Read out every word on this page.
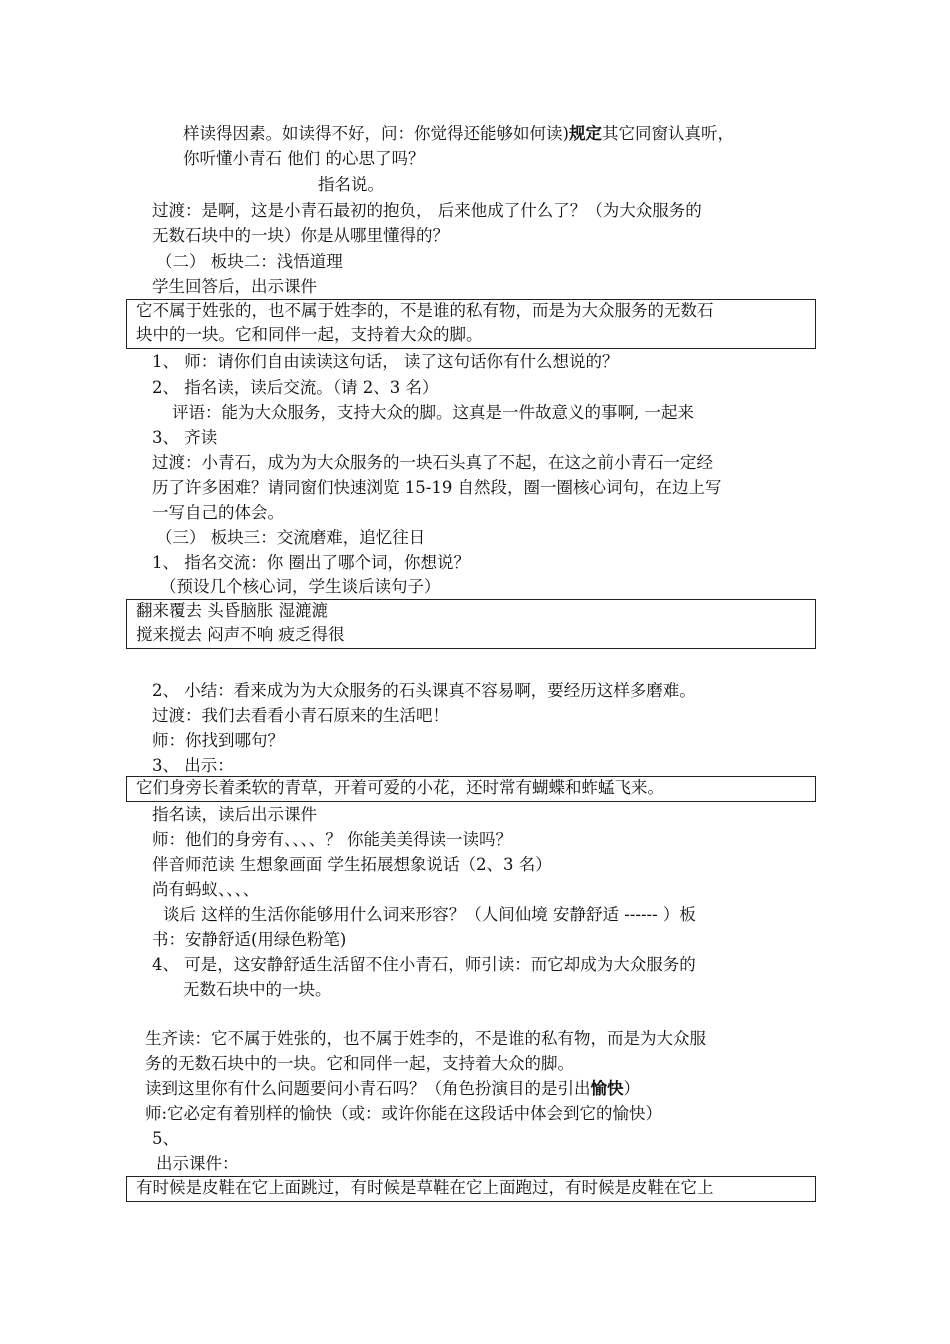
样读得因素。如读得不好，问：你觉得还能够如何读)规定其它同窗认真听，
你听懂小青石 他们 的心思了吗？
指名说。
过渡：是啊，这是小青石最初的抱负， 后来他成了什么了？（为大众服务的
无数石块中的一块）你是从哪里懂得的？
（二） 板块二：浅悟道理
学生回答后，出示课件
它不属于姓张的，也不属于姓李的，不是谁的私有物，而是为大众服务的无数石
块中的一块。它和同伴一起，支持着大众的脚。
1、 师：请你们自由读读这句话， 读了这句话你有什么想说的？
2、 指名读，读后交流。（请 2、3 名）
评语：能为大众服务，支持大众的脚。这真是一件故意义的事啊, 一起来
3、 齐读
过渡：小青石，成为为大众服务的一块石头真了不起，在这之前小青石一定经
历了许多困难？请同窗们快速浏览 15-19 自然段，圈一圈核心词句，在边上写
一写自己的体会。
（三） 板块三：交流磨难，追忆往日
1、 指名交流：你 圈出了哪个词，你想说？
（预设几个核心词，学生谈后读句子）
翻来覆去 头昏脑胀 湿漉漉
搅来搅去 闷声不响 疲乏得很
2、 小结：看来成为为大众服务的石头课真不容易啊，要经历这样多磨难。
过渡：我们去看看小青石原来的生活吧！
师：你找到哪句？
3、 出示：
它们身旁长着柔软的青草，开着可爱的小花，还时常有蝴蝶和蚱蜢飞来。
指名读，读后出示课件
师：他们的身旁有、、、、？ 你能美美得读一读吗？
伴音师范读 生想象画面 学生拓展想象说话（2、3 名）
尚有蚂蚁、、、、
谈后 这样的生活你能够用什么词来形容？（人间仙境 安静舒适 ------ ）板
书：安静舒适(用绿色粉笔)
4、 可是，这安静舒适生活留不住小青石，师引读：而它却成为大众服务的
无数石块中的一块。
生齐读：它不属于姓张的，也不属于姓李的，不是谁的私有物，而是为大众服
务的无数石块中的一块。它和同伴一起，支持着大众的脚。
读到这里你有什么问题要问小青石吗？（角色扮演目的是引出愉快）
师:它必定有着别样的愉快（或：或许你能在这段话中体会到它的愉快）
5、
出示课件：
有时候是皮鞋在它上面跳过，有时候是草鞋在它上面跑过，有时候是皮鞋在它上
